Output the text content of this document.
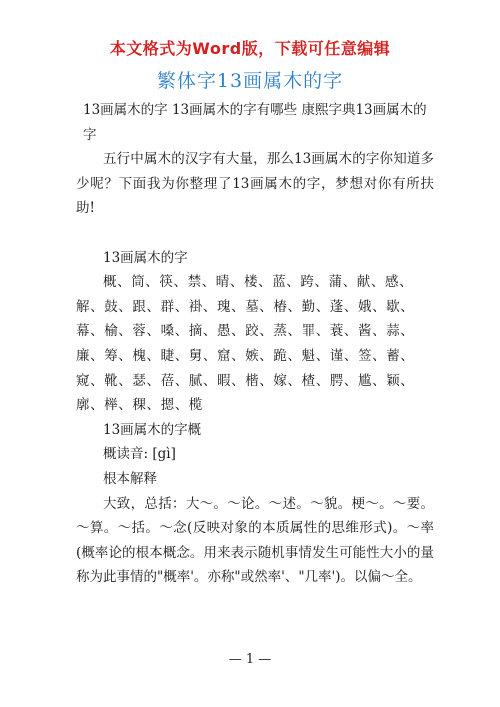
本文格式为Word版，下载可任意编辑
繁体字13画属木的字

13画属木的字 13画属木的字有哪些 康熙字典13画属木的字

五行中属木的汉字有大量，那么13画属木的字你知道多少呢？下面我为你整理了13画属木的字，梦想对你有所扶助!

13画属木的字

概、筒、筷、禁、晴、楼、蓝、跨、蒲、献、感、

解、鼓、跟、群、褂、瑰、墓、椿、勤、蓬、娥、歇、

幕、榆、蓉、嗓、摘、愚、跤、蒸、罪、蓑、酱、蒜、

廉、筹、槐、睫、舅、窟、嫉、跪、魁、谨、签、蓄、

窥、靴、瑟、蓓、腻、暇、楷、嫁、楂、腭、尴、颖、

廓、榉、稞、摁、榄

13画属木的字概

概读音: [gì]

根本解释

大致，总括：大～。～论。～述。～貌。梗～。～要。～算。～括。～念(反映对象的本质属性的思维形式)。～率(概率论的根本概念。用来表示随机事情发生可能性大小的量称为此事情的"概率'。亦称"或然率'、"几率')。以偏～全。

— 1 —
